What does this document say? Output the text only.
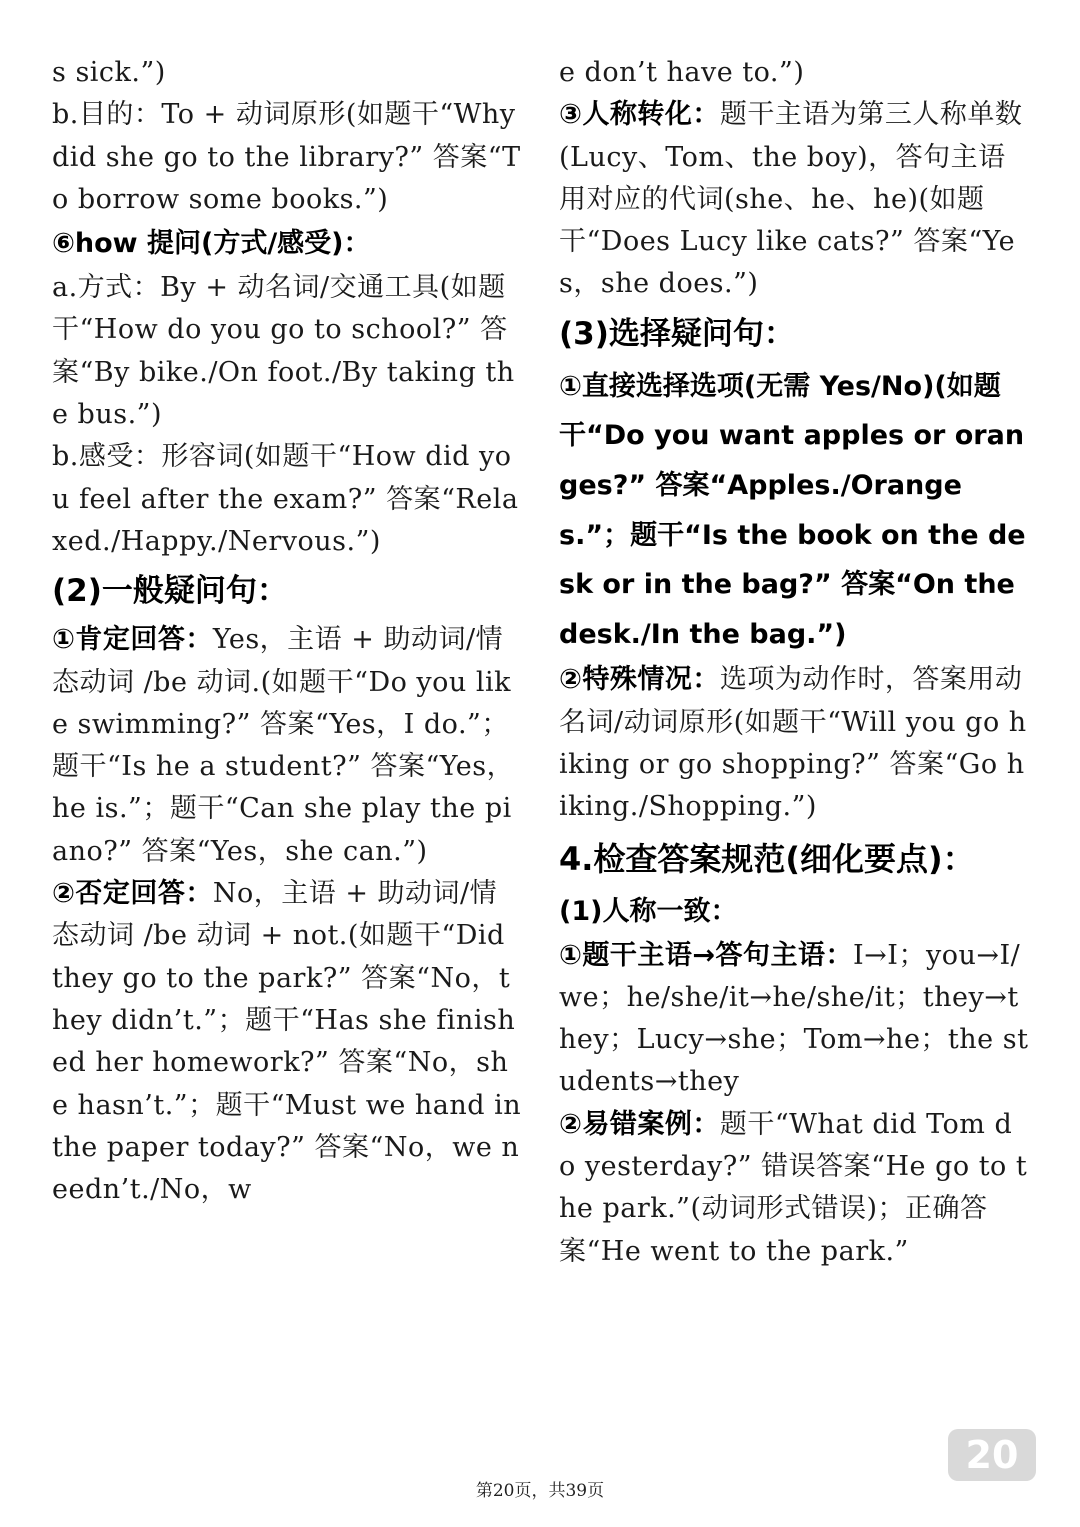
s sick.”)

b.目的：To + 动词原形(如题干“Why did she go to the library?” 答案“To borrow some books.”)

⑥how 提问(方式/感受)：

a.方式：By + 动名词/交通工具(如题干“How do you go to school?” 答案“By bike./On foot./By taking the bus.”)

b.感受：形容词(如题干“How did you feel after the exam?” 答案“Relaxed./Happy./Nervous.”)

(2)一般疑问句：

①肯定回答：Yes，主语 + 助动词/情态动词 /be 动词.(如题干“Do you like swimming?” 答案“Yes，I do.”；题干“Is he a student?” 答案“Yes，he is.”；题干“Can she play the piano?” 答案“Yes，she can.”)

②否定回答：No，主语 + 助动词/情态动词 /be 动词 + not.(如题干“Did they go to the park?” 答案“No，they didn’t.”；题干“Has she finished her homework?” 答案“No，she hasn’t.”；题干“Must we hand in the paper today?” 答案“No，we needn’t./No，w

e don’t have to.”)

③人称转化：题干主语为第三人称单数(Lucy、Tom、the boy)，答句主语用对应的代词(she、he、he)(如题干“Does Lucy like cats?” 答案“Yes，she does.”)

(3)选择疑问句：

①直接选择选项(无需 Yes/No)(如题干“Do you want apples or oranges?” 答案“Apples./Oranges.”；题干“Is the book on the desk or in the bag?” 答案“On the desk./In the bag.”)

②特殊情况：选项为动作时，答案用动名词/动词原形(如题干“Will you go hiking or go shopping?” 答案“Go hiking./Shopping.”)

4.检查答案规范(细化要点)：

(1)人称一致：

①题干主语→答句主语：I→I；you→I/we；he/she/it→he/she/it；they→they；Lucy→she；Tom→he；the students→they

②易错案例：题干“What did Tom do yesterday?” 错误答案“He go to the park.”(动词形式错误)；正确答案“He went to the park.”

20
第20页，共39页
